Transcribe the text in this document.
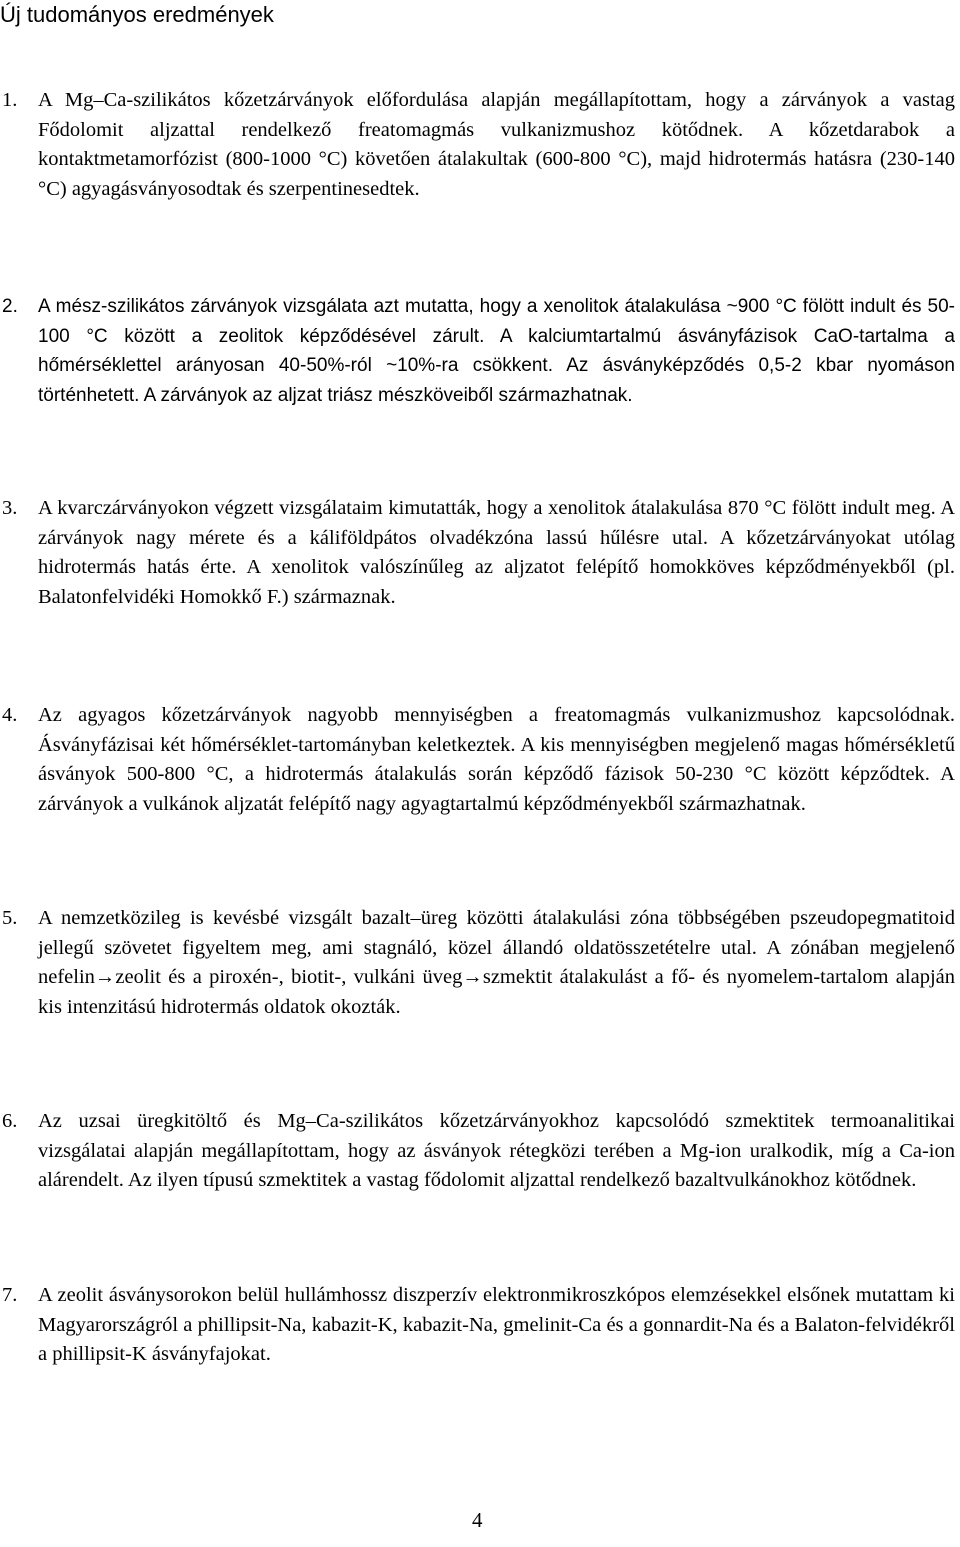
Új tudományos eredmények
1. A Mg–Ca-szilikátos kőzetzárványok előfordulása alapján megállapítottam, hogy a zárványok a vastag Fődolomit aljzattal rendelkező freatomagmás vulkanizmushoz kötődnek. A kőzetdarabok a kontaktmetamorfózist (800-1000 °C) követően átalakultak (600-800 °C), majd hidrotermás hatásra (230-140 °C) agyagásványosodtak és szerpentinesedtek.
2. A mész-szilikátos zárványok vizsgálata azt mutatta, hogy a xenolitok átalakulása ~900 °C fölött indult és 50-100 °C között a zeolitok képződésével zárult. A kalciumtartalmú ásványfázisok CaO-tartalma a hőmérséklettel arányosan 40-50%-ról ~10%-ra csökkent. Az ásványképződés 0,5-2 kbar nyomáson történhetett. A zárványok az aljzat triász mészköveiből származhatnak.
3. A kvarczárványokon végzett vizsgálataim kimutatták, hogy a xenolitok átalakulása 870 °C fölött indult meg. A zárványok nagy mérete és a káliföldpátos olvadékzóna lassú hűlésre utal. A kőzetzárványokat utólag hidrotermás hatás érte. A xenolitok valószínűleg az aljzatot felépítő homokköves képződményekből (pl. Balatonfelvidéki Homokkő F.) származnak.
4. Az agyagos kőzetzárványok nagyobb mennyiségben a freatomagmás vulkanizmushoz kapcsolódnak. Ásványfázisai két hőmérséklet-tartományban keletkeztek. A kis mennyiségben megjelenő magas hőmérsékletű ásványok 500-800 °C, a hidrotermás átalakulás során képződő fázisok 50-230 °C között képződtek. A zárványok a vulkánok aljzatát felépítő nagy agyagtartalmú képződményekből származhatnak.
5. A nemzetközileg is kevésbé vizsgált bazalt–üreg közötti átalakulási zóna többségében pszeudopegmatitoid jellegű szövetet figyeltem meg, ami stagnáló, közel állandó oldatösszetételre utal. A zónában megjelenő nefelin→zeolit és a piroxén-, biotit-, vulkáni üveg→szmektit átalakulást a fő- és nyomelem-tartalom alapján kis intenzitású hidrotermás oldatok okozták.
6. Az uzsai üregkitöltő és Mg–Ca-szilikátos kőzetzárványokhoz kapcsolódó szmektitek termoanalitikai vizsgálatai alapján megállapítottam, hogy az ásványok rétegközi terében a Mg-ion uralkodik, míg a Ca-ion alárendelt. Az ilyen típusú szmektitek a vastag fődolomit aljzattal rendelkező bazaltvulkánokhoz kötődnek.
7. A zeolit ásványsorokon belül hullámhossz diszperzív elektronmikroszkópos elemzésekkel elsőnek mutattam ki Magyarországról a phillipsit-Na, kabazit-K, kabazit-Na, gmelinit-Ca és a gonnardit-Na és a Balaton-felvidékről a phillipsit-K ásványfajokat.
4
